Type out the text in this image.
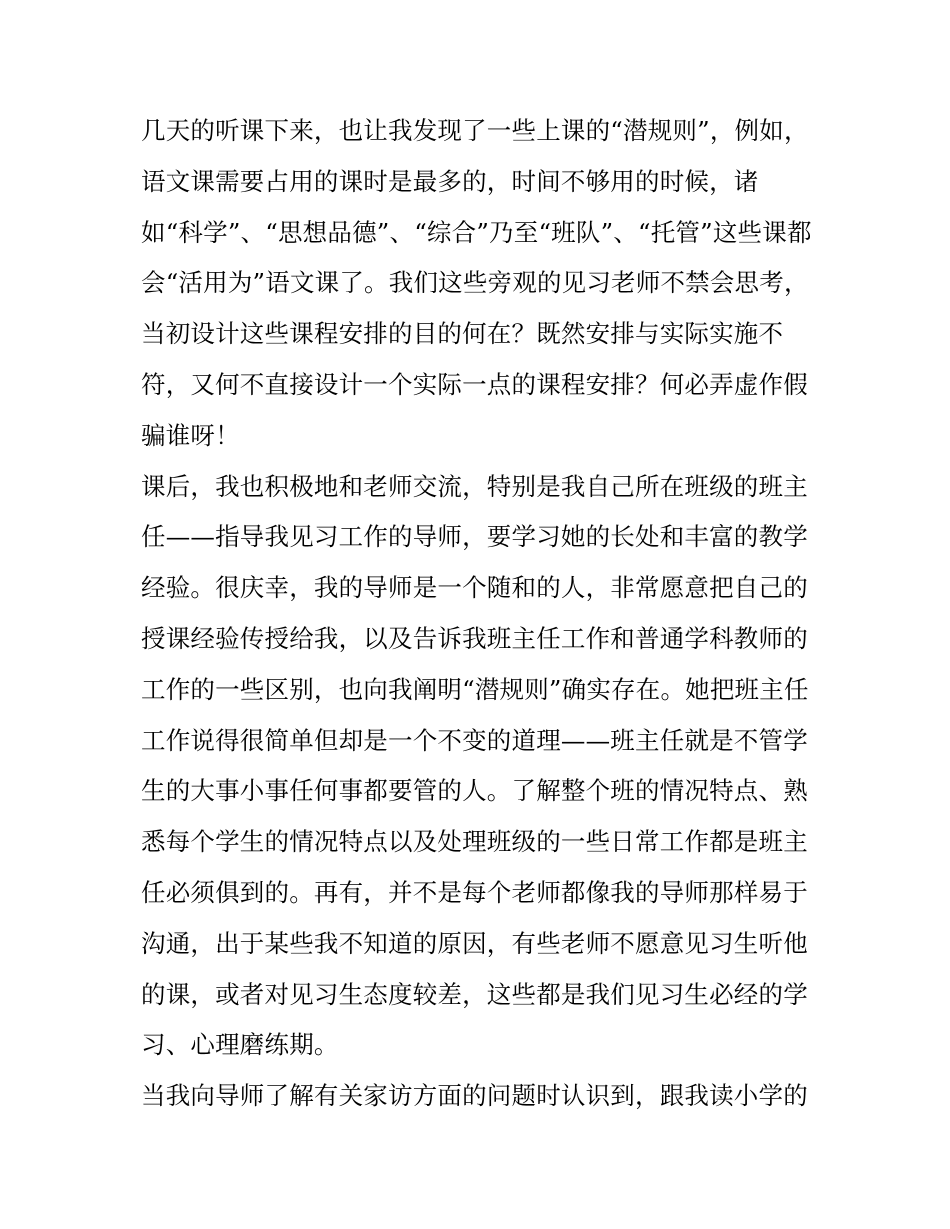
几天的听课下来，也让我发现了一些上课的“潜规则”，例如，
语文课需要占用的课时是最多的，时间不够用的时候，诸
如“科学”、“思想品德”、“综合”乃至“班队”、“托管”这些课都
会“活用为”语文课了。我们这些旁观的见习老师不禁会思考，
当初设计这些课程安排的目的何在？既然安排与实际实施不
符，又何不直接设计一个实际一点的课程安排？何必弄虚作假
骗谁呀！
课后，我也积极地和老师交流，特别是我自己所在班级的班主
任——指导我见习工作的导师，要学习她的长处和丰富的教学
经验。很庆幸，我的导师是一个随和的人，非常愿意把自己的
授课经验传授给我，以及告诉我班主任工作和普通学科教师的
工作的一些区别，也向我阐明“潜规则”确实存在。她把班主任
工作说得很简单但却是一个不变的道理——班主任就是不管学
生的大事小事任何事都要管的人。了解整个班的情况特点、熟
悉每个学生的情况特点以及处理班级的一些日常工作都是班主
任必须俱到的。再有，并不是每个老师都像我的导师那样易于
沟通，出于某些我不知道的原因，有些老师不愿意见习生听他
的课，或者对见习生态度较差，这些都是我们见习生必经的学
习、心理磨练期。
当我向导师了解有关家访方面的问题时认识到，跟我读小学的
